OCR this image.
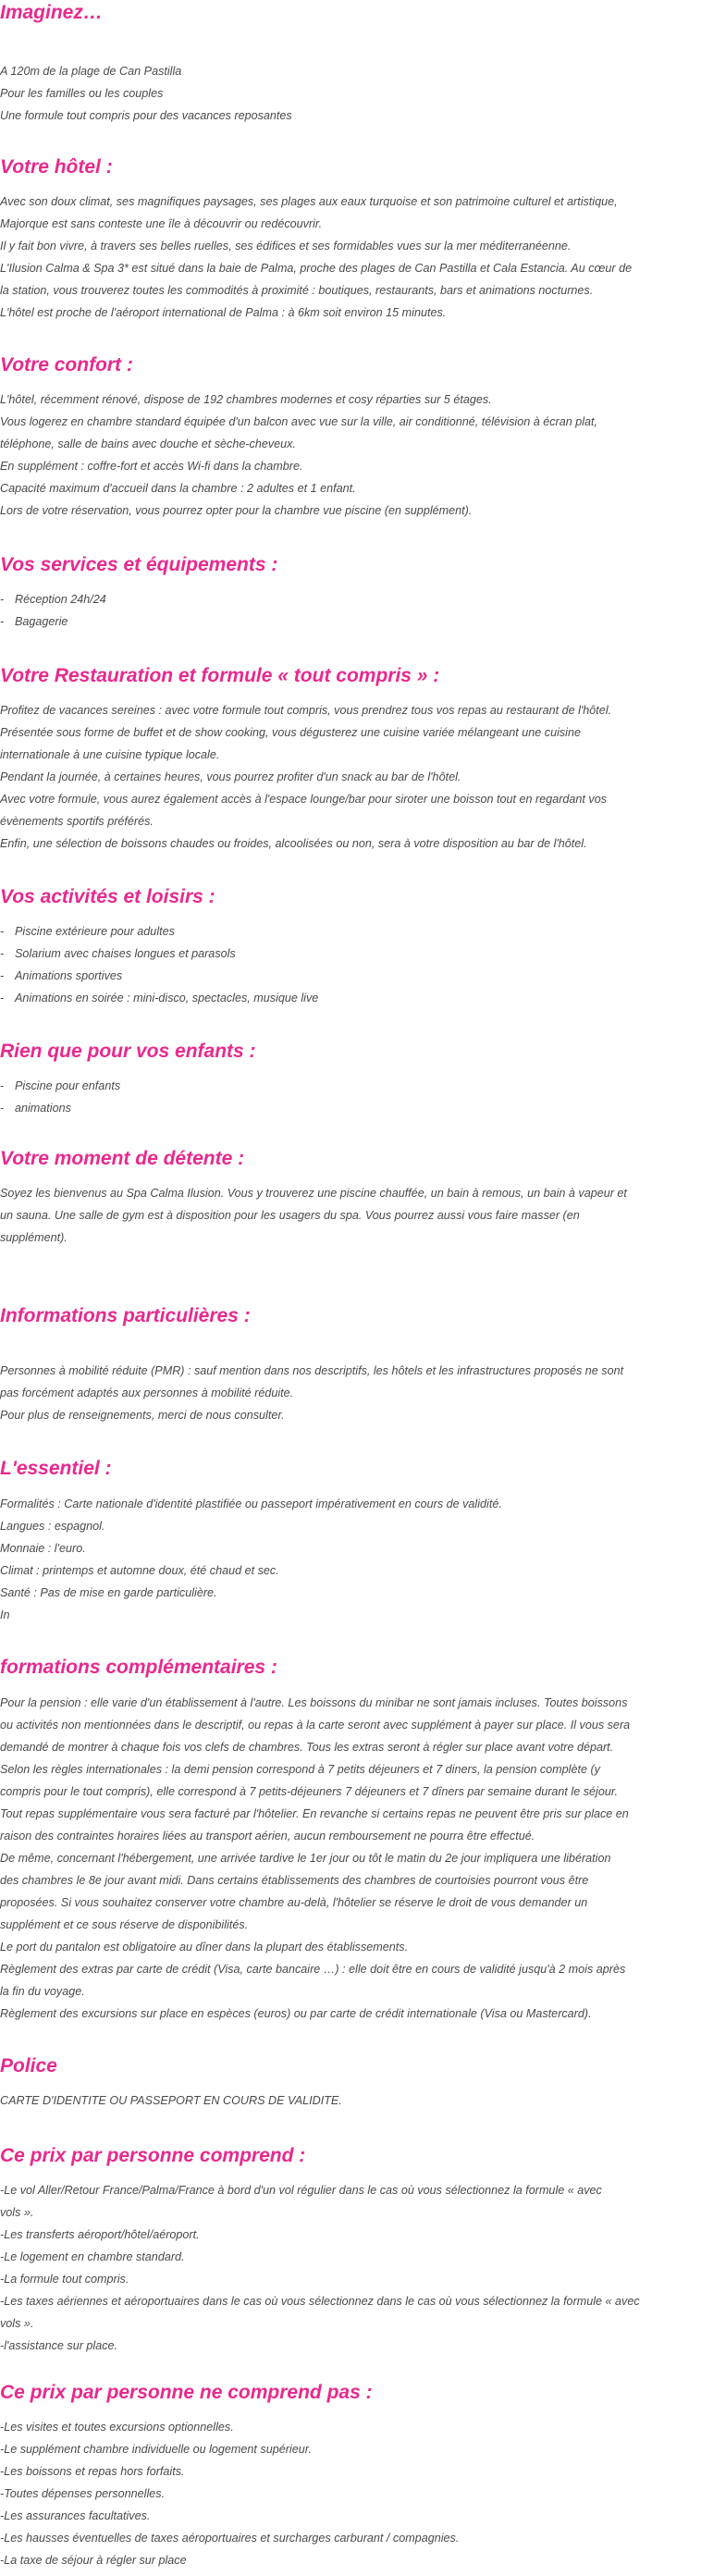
Imaginez…
A 120m de la plage de Can Pastilla
Pour les familles ou les couples
Une formule tout compris pour des vacances reposantes
Votre hôtel :
Avec son doux climat, ses magnifiques paysages, ses plages aux eaux turquoise et son patrimoine culturel et artistique,
Majorque est sans conteste une île à découvrir ou redécouvrir.
Il y fait bon vivre, à travers ses belles ruelles, ses édifices et ses formidables vues sur la mer méditerranéenne.
L'Ilusion Calma & Spa 3* est situé dans la baie de Palma, proche des plages de Can Pastilla et Cala Estancia. Au cœur de
la station, vous trouverez toutes les commodités à proximité : boutiques, restaurants, bars et animations nocturnes.
L'hôtel est proche de l'aéroport international de Palma : à 6km soit environ 15 minutes.
Votre confort :
L'hôtel, récemment rénové, dispose de 192 chambres modernes et cosy réparties sur 5 étages.
Vous logerez en chambre standard équipée d'un balcon avec vue sur la ville, air conditionné, télévision à écran plat,
téléphone, salle de bains avec douche et sèche-cheveux.
En supplément : coffre-fort et accès Wi-fi dans la chambre.
Capacité maximum d'accueil dans la chambre : 2 adultes et 1 enfant.
Lors de votre réservation, vous pourrez opter pour la chambre vue piscine (en supplément).
Vos services et équipements :
- Réception 24h/24
- Bagagerie
Votre Restauration et formule « tout compris » :
Profitez de vacances sereines : avec votre formule tout compris, vous prendrez tous vos repas au restaurant de l'hôtel.
Présentée sous forme de buffet et de show cooking, vous dégusterez une cuisine variée mélangeant une cuisine
internationale à une cuisine typique locale.
Pendant la journée, à certaines heures, vous pourrez profiter d'un snack au bar de l'hôtel.
Avec votre formule, vous aurez également accès à l'espace lounge/bar pour siroter une boisson tout en regardant vos
évènements sportifs préférés.
Enfin, une sélection de boissons chaudes ou froides, alcoolisées ou non, sera à votre disposition au bar de l'hôtel.
Vos activités et loisirs :
- Piscine extérieure pour adultes
- Solarium avec chaises longues et parasols
- Animations sportives
- Animations en soirée : mini-disco, spectacles, musique live
Rien que pour vos enfants :
- Piscine pour enfants
- animations
Votre moment de détente :
Soyez les bienvenus au Spa Calma Ilusion. Vous y trouverez une piscine chauffée, un bain à remous, un bain à vapeur et
un sauna. Une salle de gym est à disposition pour les usagers du spa. Vous pourrez aussi vous faire masser (en
supplément).
Informations particulières :
Personnes à mobilité réduite (PMR) : sauf mention dans nos descriptifs, les hôtels et les infrastructures proposés ne sont
pas forcément adaptés aux personnes à mobilité réduite.
Pour plus de renseignements, merci de nous consulter.
L'essentiel :
Formalités : Carte nationale d'identité plastifiée ou passeport impérativement en cours de validité.
Langues : espagnol.
Monnaie : l'euro.
Climat : printemps et automne doux, été chaud et sec.
Santé : Pas de mise en garde particulière.
In
formations complémentaires :
Pour la pension : elle varie d'un établissement à l'autre. Les boissons du minibar ne sont jamais incluses. Toutes boissons
ou activités non mentionnées dans le descriptif, ou repas à la carte seront avec supplément à payer sur place. Il vous sera
demandé de montrer à chaque fois vos clefs de chambres. Tous les extras seront à régler sur place avant votre départ.
Selon les règles internationales : la demi pension correspond à 7 petits déjeuners et 7 diners, la pension complète (y
compris pour le tout compris), elle correspond à 7 petits-déjeuners 7 déjeuners et 7 dîners par semaine durant le séjour.
Tout repas supplémentaire vous sera facturé par l'hôtelier. En revanche si certains repas ne peuvent être pris sur place en
raison des contraintes horaires liées au transport aérien, aucun remboursement ne pourra être effectué.
De même, concernant l'hébergement, une arrivée tardive le 1er jour ou tôt le matin du 2e jour impliquera une libération
des chambres le 8e jour avant midi. Dans certains établissements des chambres de courtoisies pourront vous être
proposées. Si vous souhaitez conserver votre chambre au-delà, l'hôtelier se réserve le droit de vous demander un
supplément et ce sous réserve de disponibilités.
Le port du pantalon est obligatoire au dîner dans la plupart des établissements.
Règlement des extras par carte de crédit (Visa, carte bancaire …) : elle doit être en cours de validité jusqu'à 2 mois après
la fin du voyage.
Règlement des excursions sur place en espèces (euros) ou par carte de crédit internationale (Visa ou Mastercard).
Police
CARTE D'IDENTITE OU PASSEPORT EN COURS DE VALIDITE.
Ce prix par personne comprend :
-Le vol Aller/Retour France/Palma/France à bord d'un vol régulier dans le cas où vous sélectionnez la formule « avec
vols ».
-Les transferts aéroport/hôtel/aéroport.
-Le logement en chambre standard.
-La formule tout compris.
-Les taxes aériennes et aéroportuaires dans le cas où vous sélectionnez dans le cas où vous sélectionnez la formule « avec
vols ».
-l'assistance sur place.
Ce prix par personne ne comprend pas :
-Les visites et toutes excursions optionnelles.
-Le supplément chambre individuelle ou logement supérieur.
-Les boissons et repas hors forfaits.
-Toutes dépenses personnelles.
-Les assurances facultatives.
-Les hausses éventuelles de taxes aéroportuaires et surcharges carburant / compagnies.
-La taxe de séjour à régler sur place
